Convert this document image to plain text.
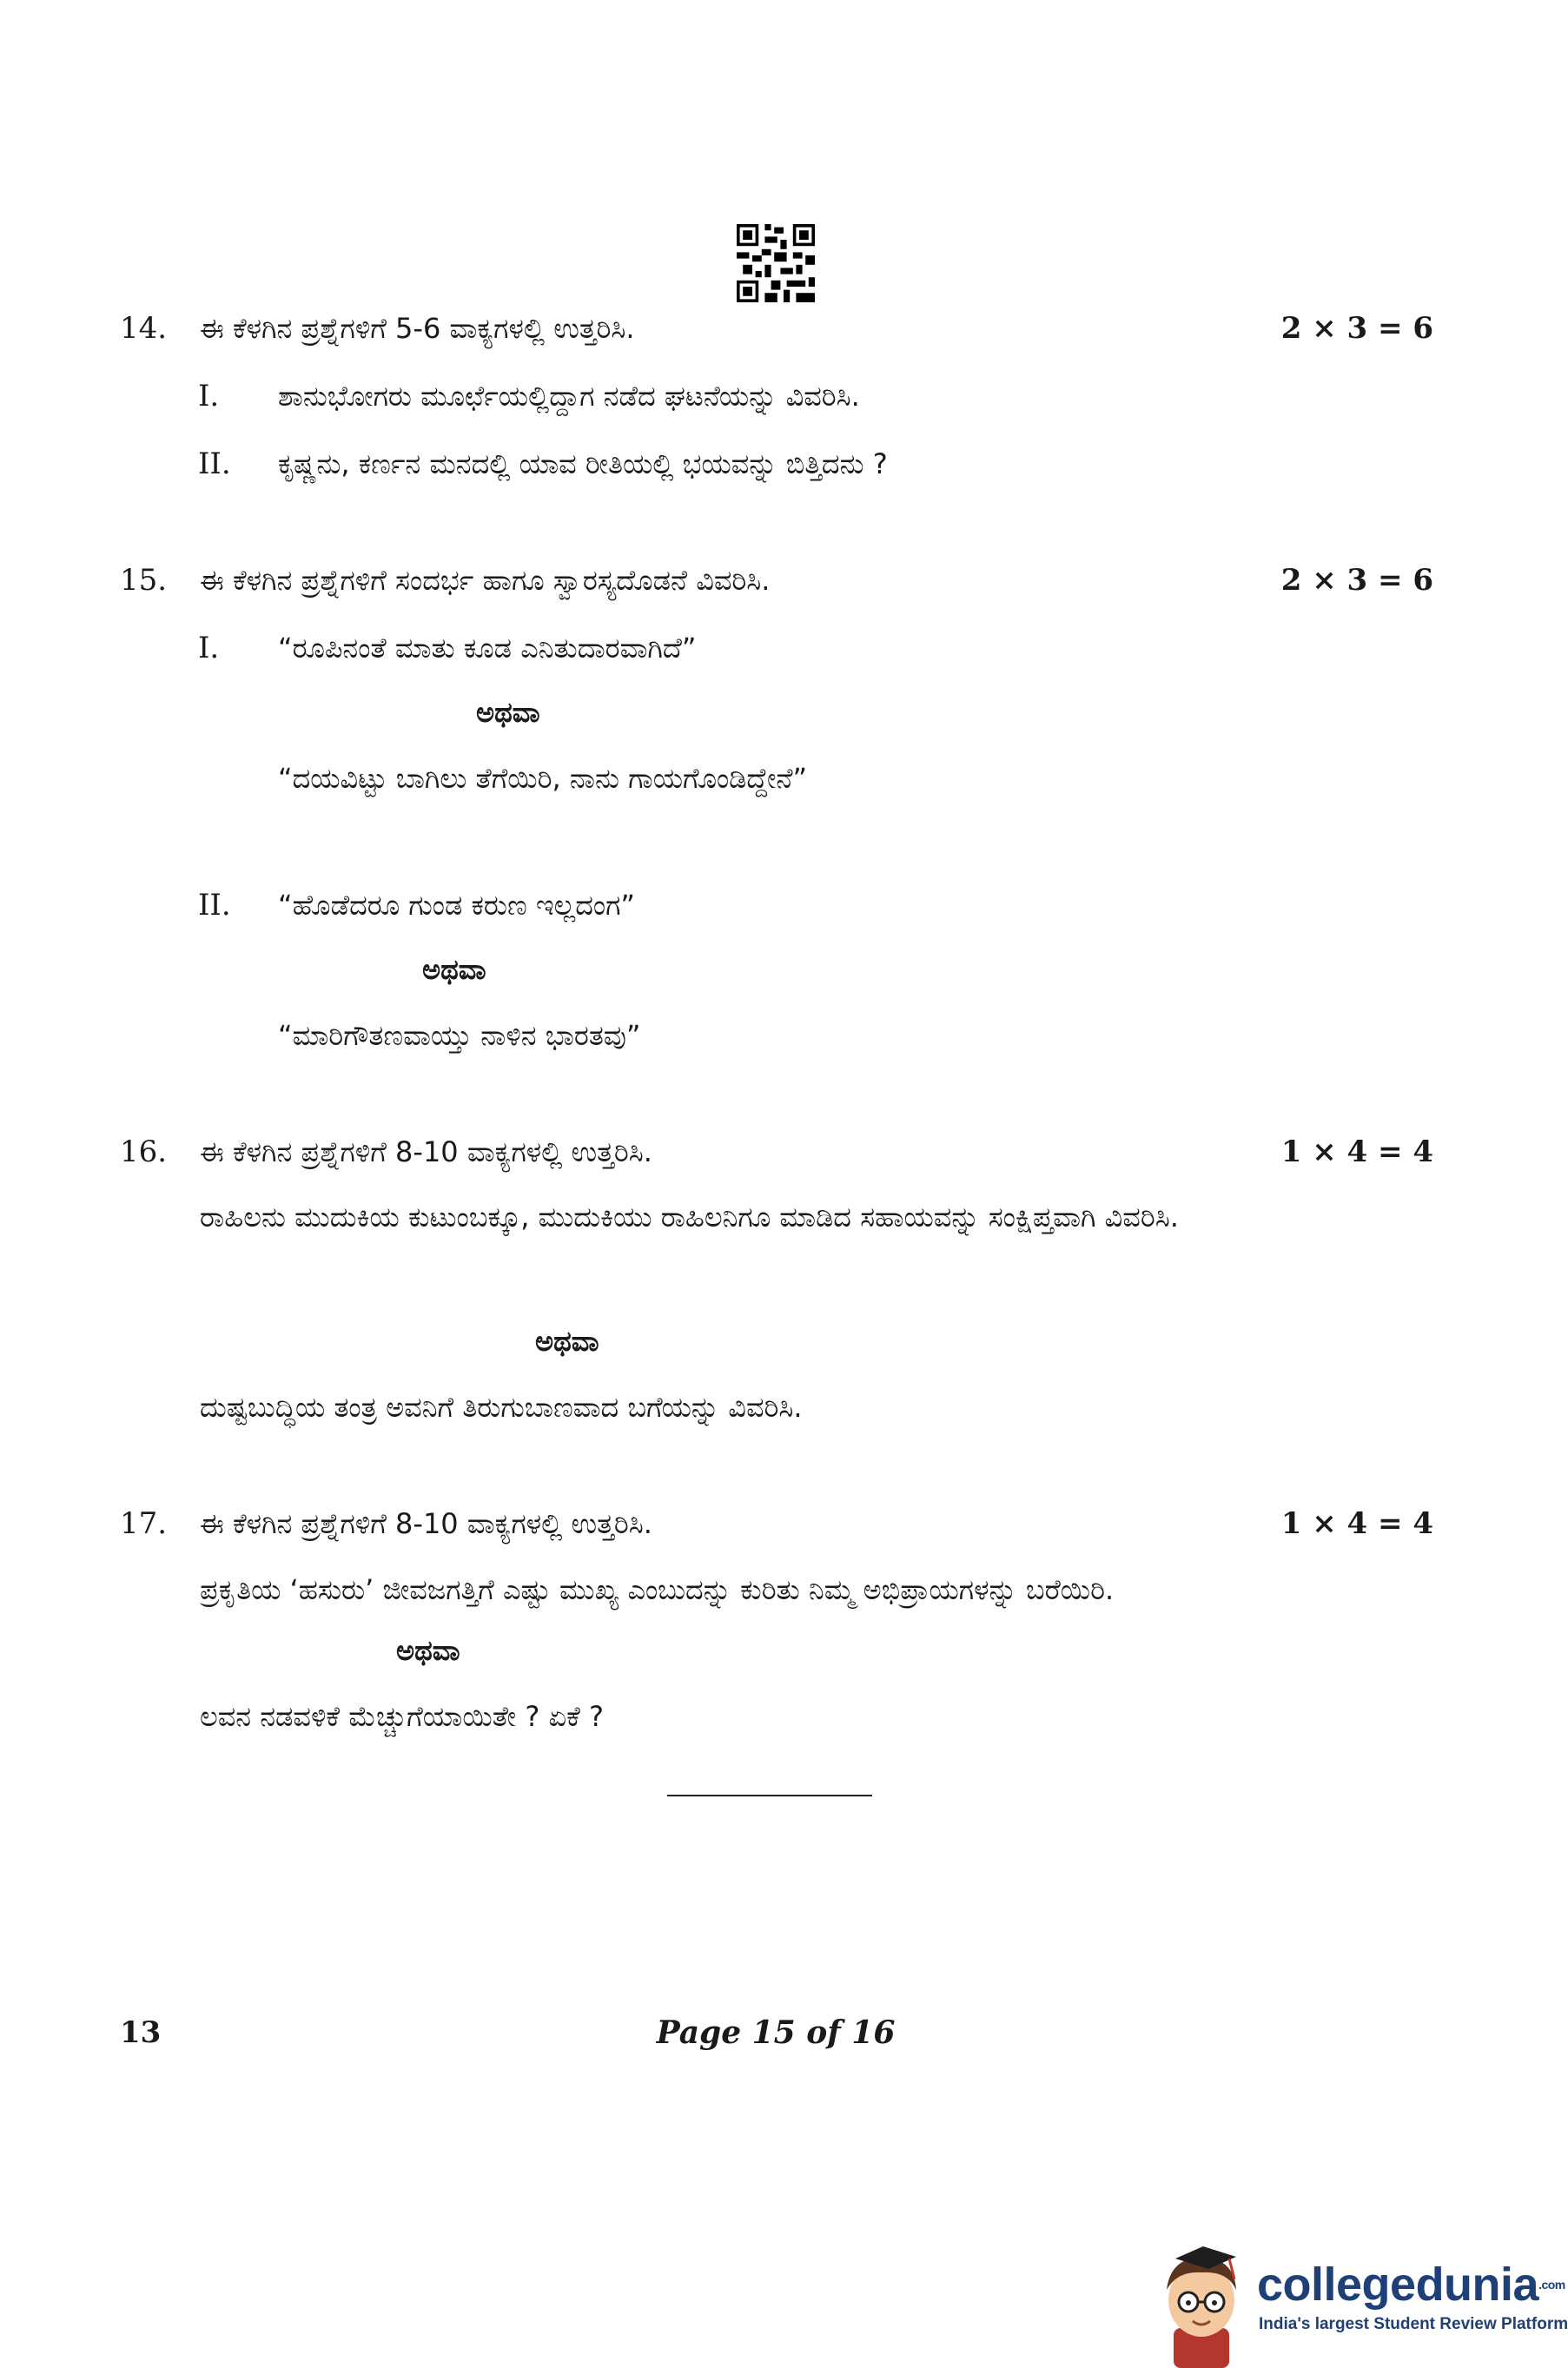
14. ಈ ಕೆಳಗಿನ ಪ್ರಶ್ನೆಗಳಿಗೆ 5-6 ವಾಕ್ಯಗಳಲ್ಲಿ ಉತ್ತರಿಸಿ.	2 × 3 = 6
I. ಶಾನುಭೋಗರು ಮೂರ್ಛೆಯಲ್ಲಿದ್ದಾಗ ನಡೆದ ಘಟನೆಯನ್ನು ವಿವರಿಸಿ.
II. ಕೃಷ್ಣನು, ಕರ್ಣನ ಮನದಲ್ಲಿ ಯಾವ ರೀತಿಯಲ್ಲಿ ಭಯವನ್ನು ಬಿತ್ತಿದನು ?
15. ಈ ಕೆಳಗಿನ ಪ್ರಶ್ನೆಗಳಿಗೆ ಸಂದರ್ಭ ಹಾಗೂ ಸ್ವಾರಸ್ಯದೊಡನೆ ವಿವರಿಸಿ.	2 × 3 = 6
I. “ರೂಪಿನಂತೆ ಮಾತು ಕೂಡ ಎನಿತುದಾರವಾಗಿದೆ”
ಅಥವಾ
“ದಯವಿಟ್ಟು ಬಾಗಿಲು ತೆಗೆಯಿರಿ, ನಾನು ಗಾಯಗೊಂಡಿದ್ದೇನೆ”
II. “ಹೊಡೆದರೂ ಗುಂಡ ಕರುಣ ಇಲ್ಲದಂಗ”
ಅಥವಾ
“ಮಾರಿಗೌತಣವಾಯ್ತು ನಾಳಿನ ಭಾರತವು”
16. ಈ ಕೆಳಗಿನ ಪ್ರಶ್ನೆಗಳಿಗೆ 8-10 ವಾಕ್ಯಗಳಲ್ಲಿ ಉತ್ತರಿಸಿ.	1 × 4 = 4
ರಾಹಿಲನು ಮುದುಕಿಯ ಕುಟುಂಬಕ್ಕೂ, ಮುದುಕಿಯು ರಾಹಿಲನಿಗೂ ಮಾಡಿದ ಸಹಾಯವನ್ನು ಸಂಕ್ಷಿಪ್ತವಾಗಿ ವಿವರಿಸಿ.
ಅಥವಾ
ದುಷ್ಟಬುದ್ಧಿಯ ತಂತ್ರ ಅವನಿಗೆ ತಿರುಗುಬಾಣವಾದ ಬಗೆಯನ್ನು ವಿವರಿಸಿ.
17. ಈ ಕೆಳಗಿನ ಪ್ರಶ್ನೆಗಳಿಗೆ 8-10 ವಾಕ್ಯಗಳಲ್ಲಿ ಉತ್ತರಿಸಿ.	1 × 4 = 4
ಪ್ರಕೃತಿಯ ‘ಹಸುರು’ ಜೀವಜಗತ್ತಿಗೆ ಎಷ್ಟು ಮುಖ್ಯ ಎಂಬುದನ್ನು ಕುರಿತು ನಿಮ್ಮ ಅಭಿಪ್ರಾಯಗಳನ್ನು ಬರೆಯಿರಿ.
ಅಥವಾ
ಲವನ ನಡವಳಿಕೆ ಮೆಚ್ಚುಗೆಯಾಯಿತೇ ? ಏಕೆ ?
13	Page 15 of 16
collegedunia$^{.com}$
India's largest Student Review Platform
